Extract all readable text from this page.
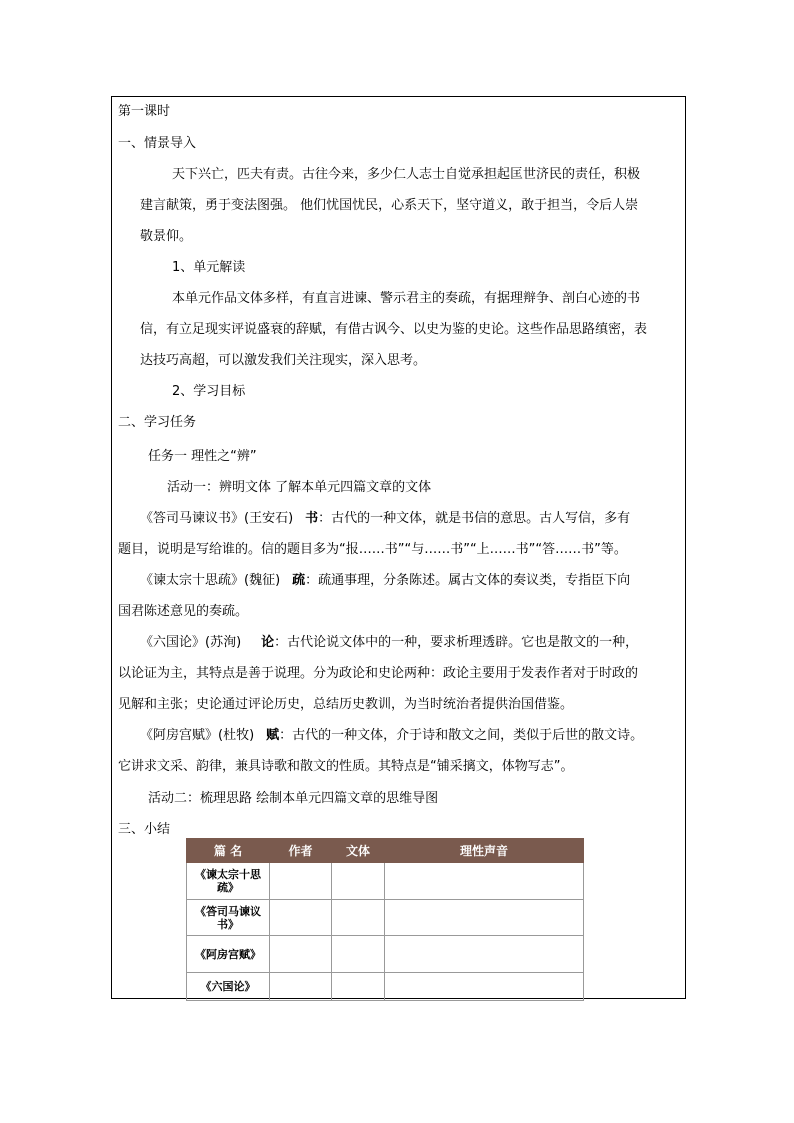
第一课时
一、情景导入
天下兴亡，匹夫有责。古往今来，多少仁人志士自觉承担起匡世济民的责任，积极
建言献策，勇于变法图强。 他们忧国忧民，心系天下，坚守道义，敢于担当，令后人崇
敬景仰。
1、单元解读
本单元作品文体多样，有直言进谏、警示君主的奏疏，有据理辩争、剖白心迹的书
信，有立足现实评说盛衰的辞赋，有借古讽今、以史为鉴的史论。这些作品思路缜密，表
达技巧高超，可以激发我们关注现实，深入思考。
2、学习目标
二、学习任务
任务一 理性之“辨”
活动一：辨明文体 了解本单元四篇文章的文体
《答司马谏议书》(王安石) 书：古代的一种文体，就是书信的意思。古人写信，多有
题目，说明是写给谁的。信的题目多为“报……书”“与……书”“上……书”“答……书”等。
《谏太宗十思疏》(魏征) 疏：疏通事理，分条陈述。属古文体的奏议类，专指臣下向
国君陈述意见的奏疏。
《六国论》(苏洵) 论：古代论说文体中的一种，要求析理透辟。它也是散文的一种，
以论证为主，其特点是善于说理。分为政论和史论两种：政论主要用于发表作者对于时政的
见解和主张；史论通过评论历史，总结历史教训，为当时统治者提供治国借鉴。
《阿房宫赋》(杜牧) 赋：古代的一种文体，介于诗和散文之间，类似于后世的散文诗。
它讲求文采、韵律，兼具诗歌和散文的性质。其特点是“铺采摛文，体物写志”。
活动二：梳理思路 绘制本单元四篇文章的思维导图
三、小结
篇 名	作者	文体	理性声音
《谏太宗十思疏》			
《答司马谏议书》			
《阿房宫赋》			
《六国论》			
